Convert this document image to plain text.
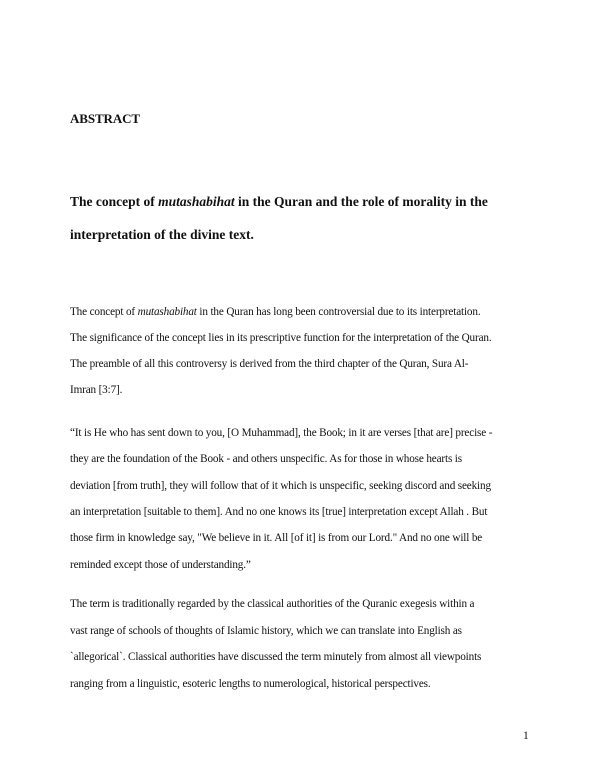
ABSTRACT
The concept of mutashabihat in the Quran and the role of morality in the
interpretation of the divine text.
The concept of mutashabihat in the Quran has long been controversial due to its interpretation.
The significance of the concept lies in its prescriptive function for the interpretation of the Quran.
The preamble of all this controversy is derived from the third chapter of the Quran, Sura Al-
Imran [3:7].
“It is He who has sent down to you, [O Muhammad], the Book; in it are verses [that are] precise -
they are the foundation of the Book - and others unspecific. As for those in whose hearts is
deviation [from truth], they will follow that of it which is unspecific, seeking discord and seeking
an interpretation [suitable to them]. And no one knows its [true] interpretation except Allah . But
those firm in knowledge say, "We believe in it. All [of it] is from our Lord." And no one will be
reminded except those of understanding.”
The term is traditionally regarded by the classical authorities of the Quranic exegesis within a
vast range of schools of thoughts of Islamic history, which we can translate into English as
`allegorical`. Classical authorities have discussed the term minutely from almost all viewpoints
ranging from a linguistic, esoteric lengths to numerological, historical perspectives.
1
